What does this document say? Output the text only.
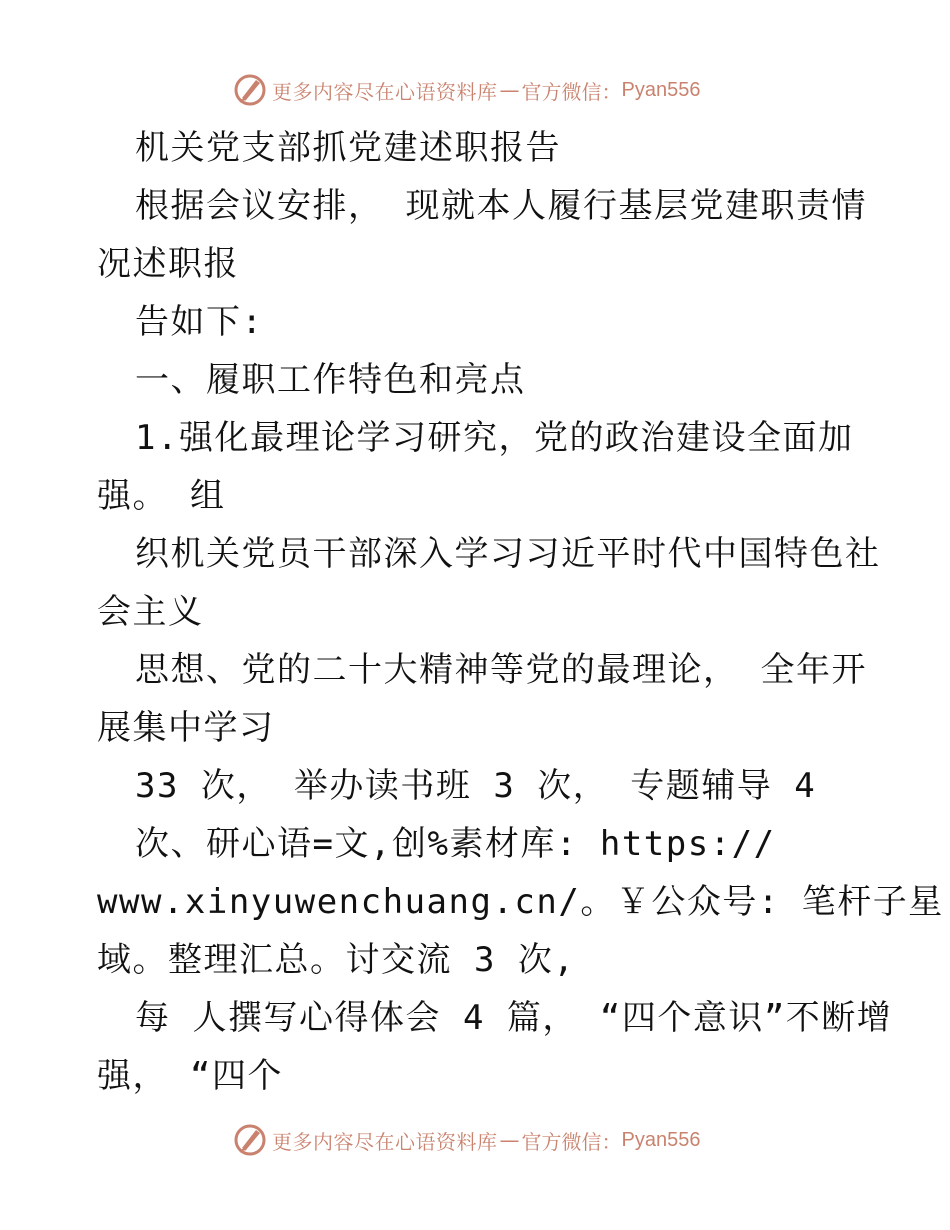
更多内容尽在心语资料库 — 官方微信： Pyan556
机关党支部抓党建述职报告
根据会议安排， 现就本人履行基层党建职责情
况述职报
告如下:
一、履职工作特色和亮点
1.强化最理论学习研究，党的政治建设全面加
强。 组
织机关党员干部深入学习习近平时代中国特色社
会主义
思想、党的二十大精神等党的最理论， 全年开
展集中学习
33 次， 举办读书班 3 次， 专题辅导 4
次、研心语=文,创%素材库: https://
www.xinyuwenchuang.cn/。￥公众号: 笔杆子星
域。整理汇总。讨交流 3 次,
每 人撰写心得体会 4 篇， “四个意识”不断增
强， “四个
更多内容尽在心语资料库 — 官方微信： Pyan556
